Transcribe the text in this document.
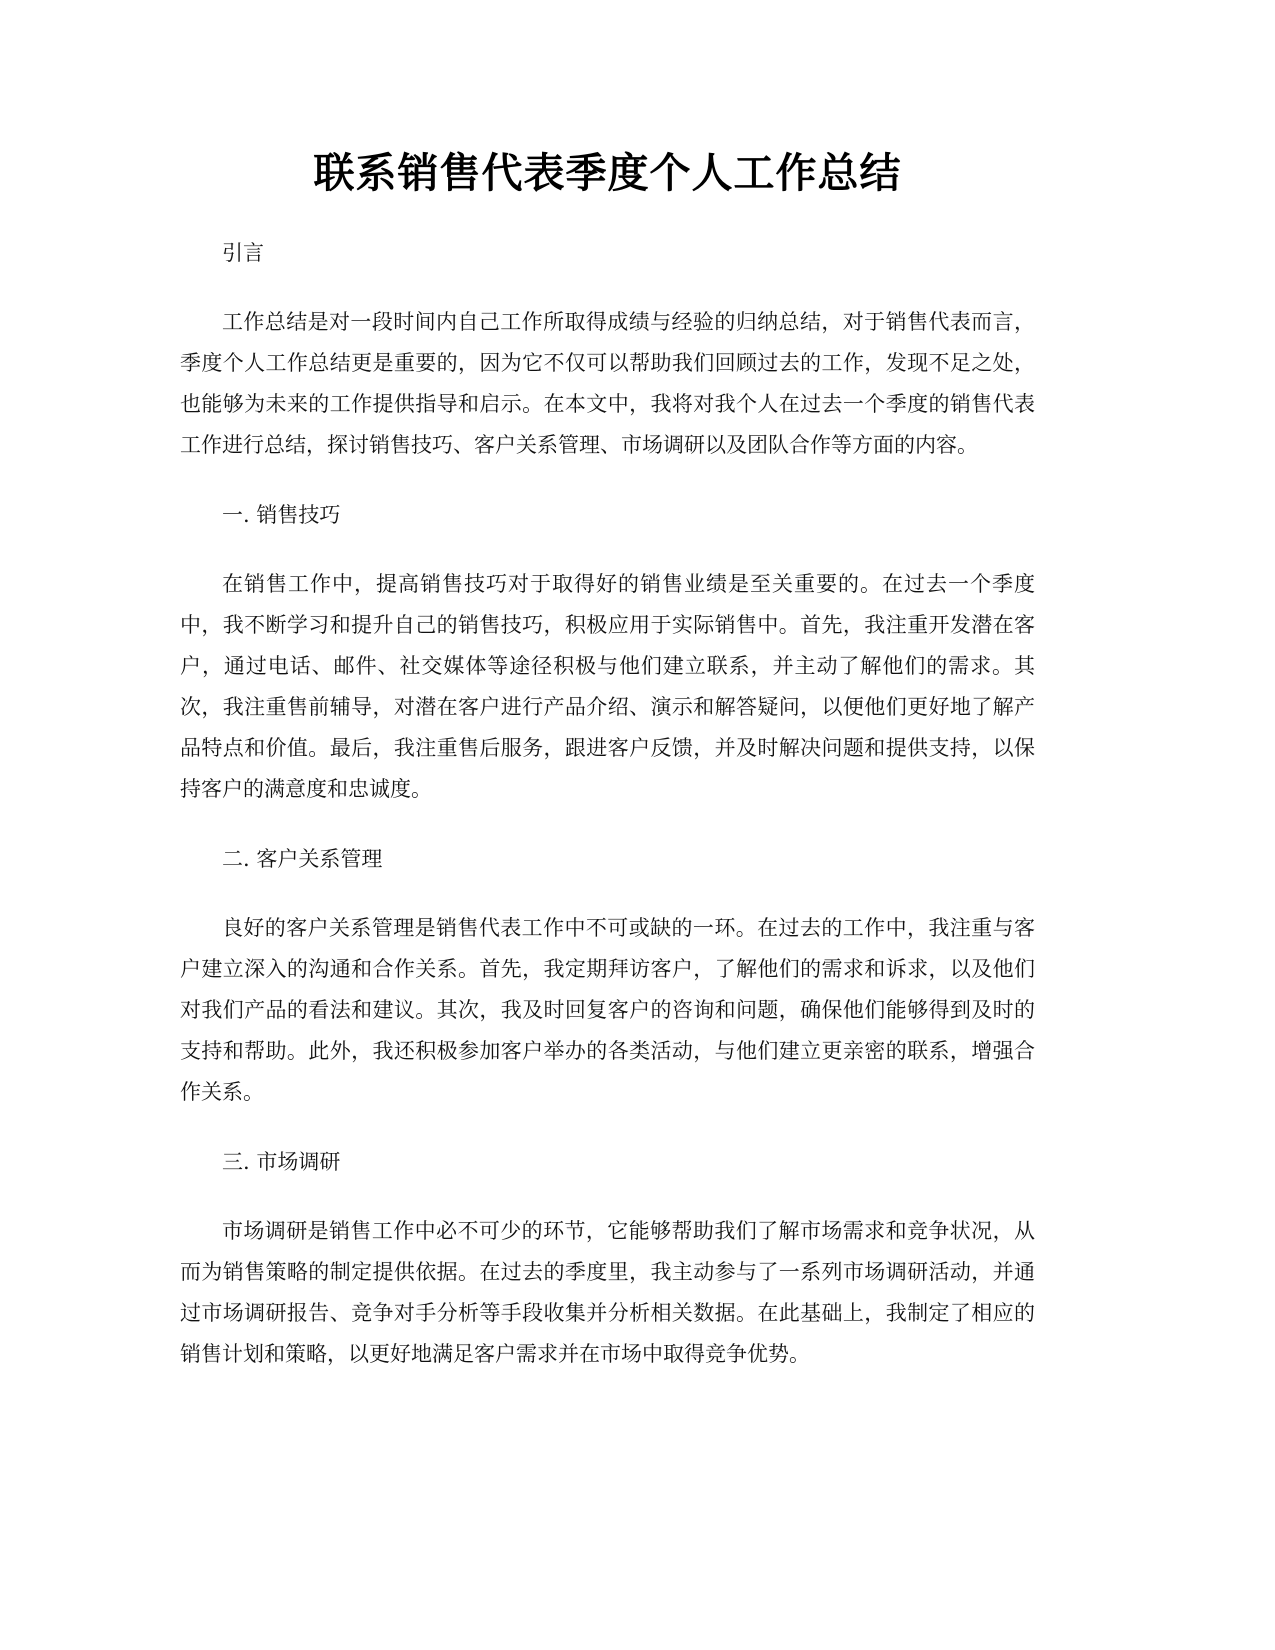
联系销售代表季度个人工作总结

引言

工作总结是对一段时间内自己工作所取得成绩与经验的归纳总结，对于销售代表而言，季度个人工作总结更是重要的，因为它不仅可以帮助我们回顾过去的工作，发现不足之处，也能够为未来的工作提供指导和启示。在本文中，我将对我个人在过去一个季度的销售代表工作进行总结，探讨销售技巧、客户关系管理、市场调研以及团队合作等方面的内容。

一. 销售技巧

在销售工作中，提高销售技巧对于取得好的销售业绩是至关重要的。在过去一个季度中，我不断学习和提升自己的销售技巧，积极应用于实际销售中。首先，我注重开发潜在客户，通过电话、邮件、社交媒体等途径积极与他们建立联系，并主动了解他们的需求。其次，我注重售前辅导，对潜在客户进行产品介绍、演示和解答疑问，以便他们更好地了解产品特点和价值。最后，我注重售后服务，跟进客户反馈，并及时解决问题和提供支持，以保持客户的满意度和忠诚度。

二. 客户关系管理

良好的客户关系管理是销售代表工作中不可或缺的一环。在过去的工作中，我注重与客户建立深入的沟通和合作关系。首先，我定期拜访客户，了解他们的需求和诉求，以及他们对我们产品的看法和建议。其次，我及时回复客户的咨询和问题，确保他们能够得到及时的支持和帮助。此外，我还积极参加客户举办的各类活动，与他们建立更亲密的联系，增强合作关系。

三. 市场调研

市场调研是销售工作中必不可少的环节，它能够帮助我们了解市场需求和竞争状况，从而为销售策略的制定提供依据。在过去的季度里，我主动参与了一系列市场调研活动，并通过市场调研报告、竞争对手分析等手段收集并分析相关数据。在此基础上，我制定了相应的销售计划和策略，以更好地满足客户需求并在市场中取得竞争优势。
